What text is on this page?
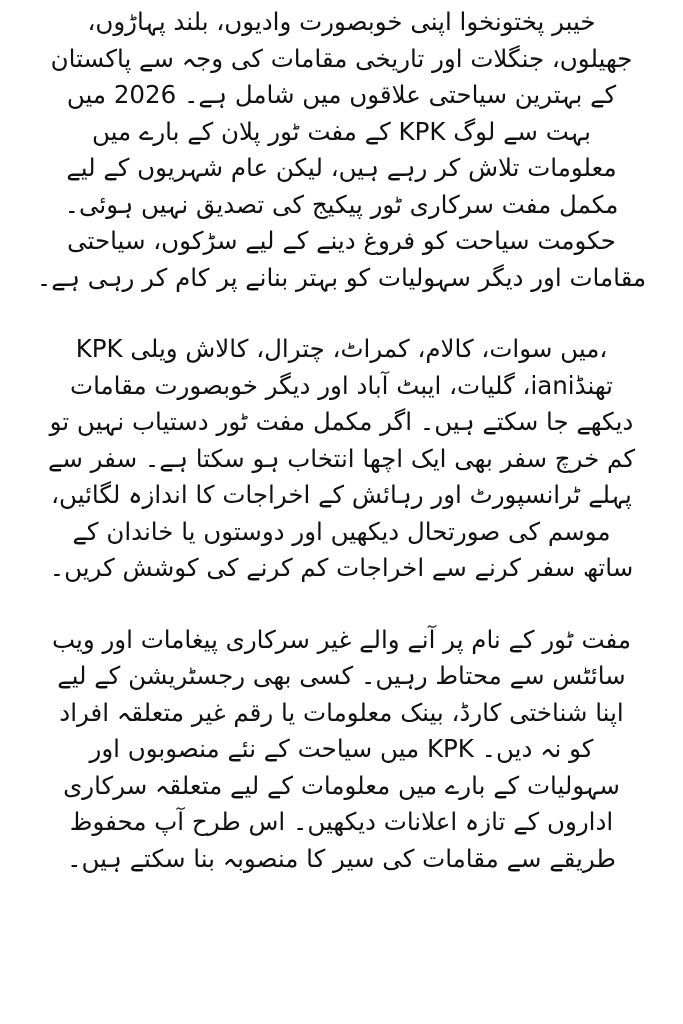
خیبر پختونخوا اپنی خوبصورت وادیوں، بلند پہاڑوں،
جھیلوں، جنگلات اور تاریخی مقامات کی وجہ سے پاکستان
کے بہترین سیاحتی علاقوں میں شامل ہے۔ 2026 میں
بہت سے لوگ KPK کے مفت ٹور پلان کے بارے میں
معلومات تلاش کر رہے ہیں، لیکن عام شہریوں کے لیے
مکمل مفت سرکاری ٹور پیکیج کی تصدیق نہیں ہوئی۔
حکومت سیاحت کو فروغ دینے کے لیے سڑکوں، سیاحتی
مقامات اور دیگر سہولیات کو بہتر بنانے پر کام کر رہی ہے۔

KPK میں سوات، کالام، کمراٹ، چترال، کالاش ویلی،
تھنڈiani، گلیات، ایبٹ آباد اور دیگر خوبصورت مقامات
دیکھے جا سکتے ہیں۔ اگر مکمل مفت ٹور دستیاب نہیں تو
کم خرچ سفر بھی ایک اچھا انتخاب ہو سکتا ہے۔ سفر سے
پہلے ٹرانسپورٹ اور رہائش کے اخراجات کا اندازہ لگائیں،
موسم کی صورتحال دیکھیں اور دوستوں یا خاندان کے
ساتھ سفر کرنے سے اخراجات کم کرنے کی کوشش کریں۔

مفت ٹور کے نام پر آنے والے غیر سرکاری پیغامات اور ویب
سائٹس سے محتاط رہیں۔ کسی بھی رجسٹریشن کے لیے
اپنا شناختی کارڈ، بینک معلومات یا رقم غیر متعلقہ افراد
کو نہ دیں۔ KPK میں سیاحت کے نئے منصوبوں اور
سہولیات کے بارے میں معلومات کے لیے متعلقہ سرکاری
اداروں کے تازہ اعلانات دیکھیں۔ اس طرح آپ محفوظ
طریقے سے مقامات کی سیر کا منصوبہ بنا سکتے ہیں۔
